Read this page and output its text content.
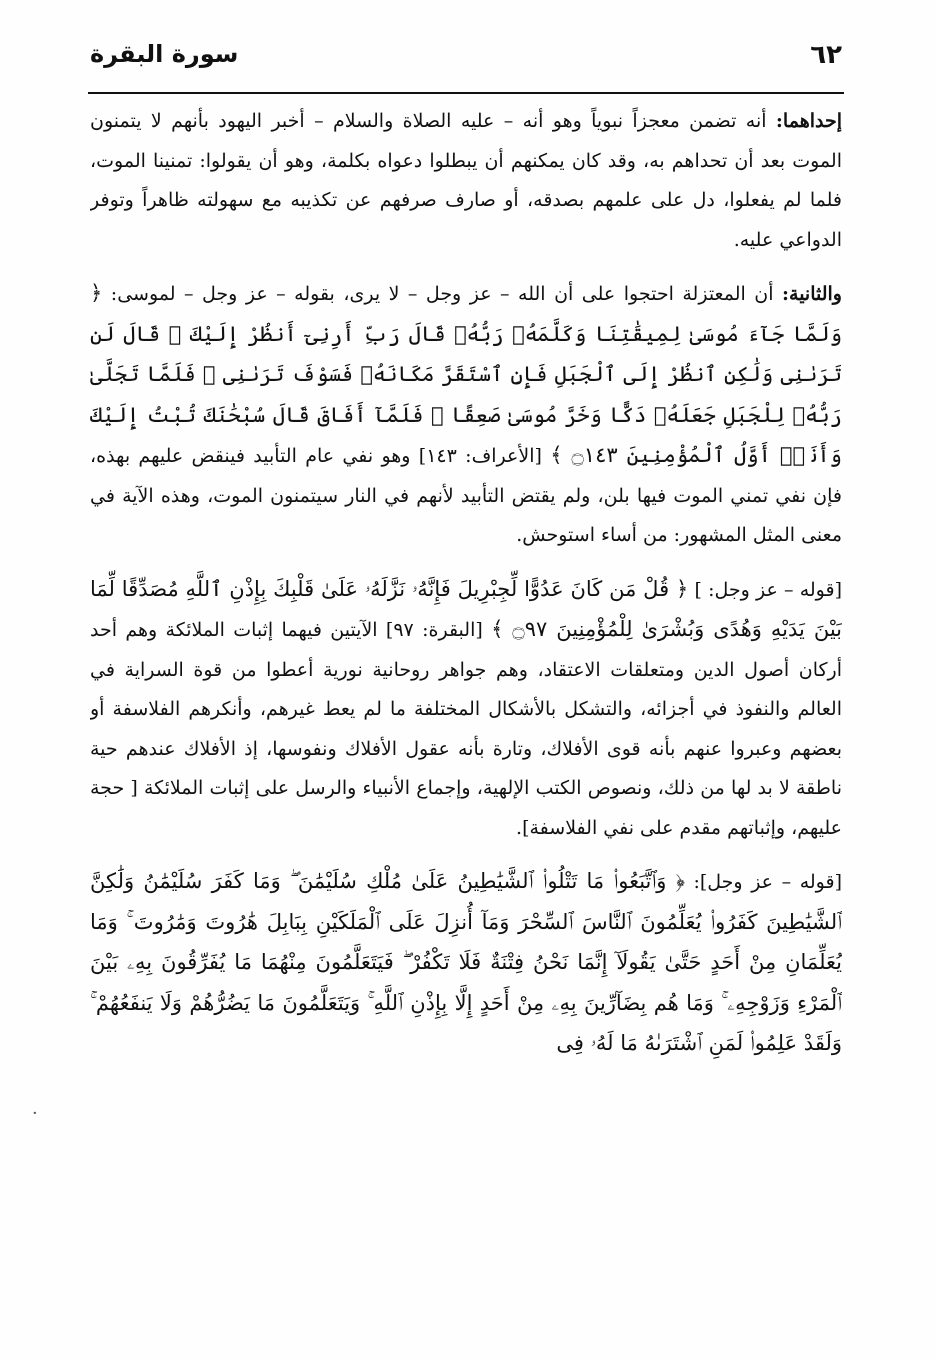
٦٢
سورة البقرة

إحداهما: أنه تضمن معجزاً نبوياً وهو أنه – عليه الصلاة والسلام – أخبر اليهود بأنهم لا يتمنون الموت بعد أن تحداهم به، وقد كان يمكنهم أن يبطلوا دعواه بكلمة، وهو أن يقولوا: تمنينا الموت، فلما لم يفعلوا، دل على علمهم بصدقه، أو صارف صرفهم عن تكذيبه مع سهولته ظاهراً وتوفر الدواعي عليه.

والثانية: أن المعتزلة احتجوا على أن الله – عز وجل – لا يرى، بقوله – عز وجل – لموسى: ﴿ وَلَمَّا جَآءَ مُوسَىٰ لِمِيقَٰتِنَا وَكَلَّمَهُۥ رَبُّهُۥ قَالَ رَبِّ أَرِنِىٓ أَنظُرْ إِلَيْكَ ۚ قَالَ لَن تَرَىٰنِى وَلَٰكِنِ ٱنظُرْ إِلَى ٱلْجَبَلِ فَإِنِ ٱسْتَقَرَّ مَكَانَهُۥ فَسَوْفَ تَرَىٰنِى ۚ فَلَمَّا تَجَلَّىٰ رَبُّهُۥ لِلْجَبَلِ جَعَلَهُۥ دَكًّا وَخَرَّ مُوسَىٰ صَعِقًا ۚ فَلَمَّآ أَفَاقَ قَالَ سُبْحَٰنَكَ تُبْتُ إِلَيْكَ وَأَنَا۠ أَوَّلُ ٱلْمُؤْمِنِينَ ۝١٤٣ ﴾ [الأعراف: ١٤٣] وهو نفي عام التأبيد فينقض عليهم بهذه، فإن نفي تمني الموت فيها بلن، ولم يقتض التأبيد لأنهم في النار سيتمنون الموت، وهذه الآية في معنى المثل المشهور: من أساء استوحش.

[قوله – عز وجل: ] ﴿ قُلْ مَن كَانَ عَدُوًّا لِّجِبْرِيلَ فَإِنَّهُۥ نَزَّلَهُۥ عَلَىٰ قَلْبِكَ بِإِذْنِ ٱللَّهِ مُصَدِّقًا لِّمَا بَيْنَ يَدَيْهِ وَهُدًى وَبُشْرَىٰ لِلْمُؤْمِنِينَ ۝٩٧ ﴾ [البقرة: ٩٧] الآيتين فيهما إثبات الملائكة وهم أحد أركان أصول الدين ومتعلقات الاعتقاد، وهم جواهر روحانية نورية أعطوا من قوة السراية في العالم والنفوذ في أجزائه، والتشكل بالأشكال المختلفة ما لم يعط غيرهم، وأنكرهم الفلاسفة أو بعضهم وعبروا عنهم بأنه قوى الأفلاك، وتارة بأنه عقول الأفلاك ونفوسها، إذ الأفلاك عندهم حية ناطقة لا بد لها من ذلك، ونصوص الكتب الإلهية، وإجماع الأنبياء والرسل على إثبات الملائكة [ حجة عليهم، وإثباتهم مقدم على نفي الفلاسفة].

[قوله – عز وجل]: ﴿ وَٱتَّبَعُوا۟ مَا تَتْلُوا۟ ٱلشَّيَٰطِينُ عَلَىٰ مُلْكِ سُلَيْمَٰنَ ۖ وَمَا كَفَرَ سُلَيْمَٰنُ وَلَٰكِنَّ ٱلشَّيَٰطِينَ كَفَرُوا۟ يُعَلِّمُونَ ٱلنَّاسَ ٱلسِّحْرَ وَمَآ أُنزِلَ عَلَى ٱلْمَلَكَيْنِ بِبَابِلَ هَٰرُوتَ وَمَٰرُوتَ ۚ وَمَا يُعَلِّمَانِ مِنْ أَحَدٍ حَتَّىٰ يَقُولَآ إِنَّمَا نَحْنُ فِتْنَةٌ فَلَا تَكْفُرْ ۖ فَيَتَعَلَّمُونَ مِنْهُمَا مَا يُفَرِّقُونَ بِهِۦ بَيْنَ ٱلْمَرْءِ وَزَوْجِهِۦ ۚ وَمَا هُم بِضَآرِّينَ بِهِۦ مِنْ أَحَدٍ إِلَّا بِإِذْنِ ٱللَّهِ ۚ وَيَتَعَلَّمُونَ مَا يَضُرُّهُمْ وَلَا يَنفَعُهُمْ ۚ وَلَقَدْ عَلِمُوا۟ لَمَنِ ٱشْتَرَىٰهُ مَا لَهُۥ فِى

·
